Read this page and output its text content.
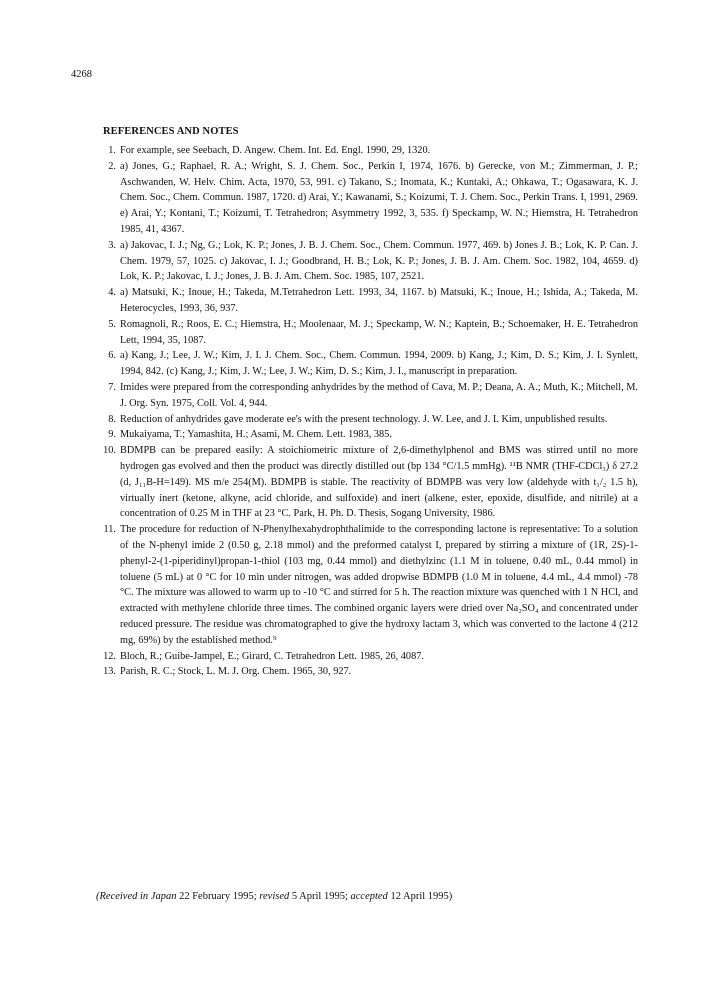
4268
REFERENCES AND NOTES
1. For example, see Seebach, D. Angew. Chem. Int. Ed. Engl. 1990, 29, 1320.
2. a) Jones, G.; Raphael, R. A.; Wright, S. J. Chem. Soc., Perkin I, 1974, 1676. b) Gerecke, von M.; Zimmerman, J. P.; Aschwanden, W. Helv. Chim. Acta, 1970, 53, 991. c) Takano, S.; Inomata, K.; Kuntaki, A.; Ohkawa, T.; Ogasawara, K. J. Chem. Soc., Chem. Commun. 1987, 1720. d) Arai, Y.; Kawanami, S.; Koizumi, T. J. Chem. Soc., Perkin Trans. I, 1991, 2969. e) Arai, Y.; Kontani, T.; Koizumi, T. Tetrahedron; Asymmetry 1992, 3, 535. f) Speckamp, W. N.; Hiemstra, H. Tetrahedron 1985, 41, 4367.
3. a) Jakovac, I. J.; Ng, G.; Lok, K. P.; Jones, J. B. J. Chem. Soc., Chem. Commun. 1977, 469. b) Jones J. B.; Lok, K. P. Can. J. Chem. 1979, 57, 1025. c) Jakovac, I. J.; Goodbrand, H. B.; Lok, K. P.; Jones, J. B. J. Am. Chem. Soc. 1982, 104, 4659. d) Lok, K. P.; Jakovac, I. J.; Jones, J. B. J. Am. Chem. Soc. 1985, 107, 2521.
4. a) Matsuki, K.; Inoue, H.; Takeda, M.Tetrahedron Lett. 1993, 34, 1167. b) Matsuki, K.; Inoue, H.; Ishida, A.; Takeda, M. Heterocycles, 1993, 36, 937.
5. Romagnoli, R.; Roos, E. C.; Hiemstra, H.; Moolenaar, M. J.; Speckamp, W. N.; Kaptein, B.; Schoemaker, H. E. Tetrahedron Lett, 1994, 35, 1087.
6. a) Kang, J.; Lee, J. W.; Kim, J. I. J. Chem. Soc., Chem. Commun. 1994, 2009. b) Kang, J.; Kim, D. S.; Kim, J. I. Synlett, 1994, 842. (c) Kang, J.; Kim, J. W.; Lee, J. W.; Kim, D. S.; Kim, J. I., manuscript in preparation.
7. Imides were prepared from the corresponding anhydrides by the method of Cava, M. P.; Deana, A. A.; Muth, K.; Mitchell, M. J. Org. Syn. 1975, Coll. Vol. 4, 944.
8. Reduction of anhydrides gave moderate ee's with the present technology. J. W. Lee, and J. I. Kim, unpublished results.
9. Mukaiyama, T.; Yamashita, H.; Asami, M. Chem. Lett. 1983, 385.
10. BDMPB can be prepared easily: A stoichiometric mixture of 2,6-dimethylphenol and BMS was stirred until no more hydrogen gas evolved and then the product was directly distilled out (bp 134 °C/1.5 mmHg). ¹¹B NMR (THF-CDCl₃) δ 27.2 (d, J₁₁B-H=149). MS m/e 254(M). BDMPB is stable. The reactivity of BDMPB was very low (aldehyde with t₁/₂ 1.5 h), virtually inert (ketone, alkyne, acid chloride, and sulfoxide) and inert (alkene, ester, epoxide, disulfide, and nitrile) at a concentration of 0.25 M in THF at 23 °C. Park, H. Ph. D. Thesis, Sogang University, 1986.
11. The procedure for reduction of N-Phenylhexahydrophthalimide to the corresponding lactone is representative: To a solution of the N-phenyl imide 2 (0.50 g, 2.18 mmol) and the preformed catalyst I, prepared by stirring a mixture of (1R, 2S)-1-phenyl-2-(1-piperidinyl)propan-1-thiol (103 mg, 0.44 mmol) and diethylzinc (1.1 M in toluene, 0.40 mL, 0.44 mmol) in toluene (5 mL) at 0 °C for 10 min under nitrogen, was added dropwise BDMPB (1.0 M in toluene, 4.4 mL, 4.4 mmol) -78 °C. The mixture was allowed to warm up to -10 °C and stirred for 5 h. The reaction mixture was quenched with 1 N HCl, and extracted with methylene chloride three times. The combined organic layers were dried over Na₂SO₄ and concentrated under reduced pressure. The residue was chromatographed to give the hydroxy lactam 3, which was converted to the lactone 4 (212 mg, 69%) by the established method.⁹
12. Bloch, R.; Guibe-Jampel, E.; Girard, C. Tetrahedron Lett. 1985, 26, 4087.
13. Parish, R. C.; Stock, L. M. J. Org. Chem. 1965, 30, 927.
(Received in Japan 22 February 1995; revised 5 April 1995; accepted 12 April 1995)
